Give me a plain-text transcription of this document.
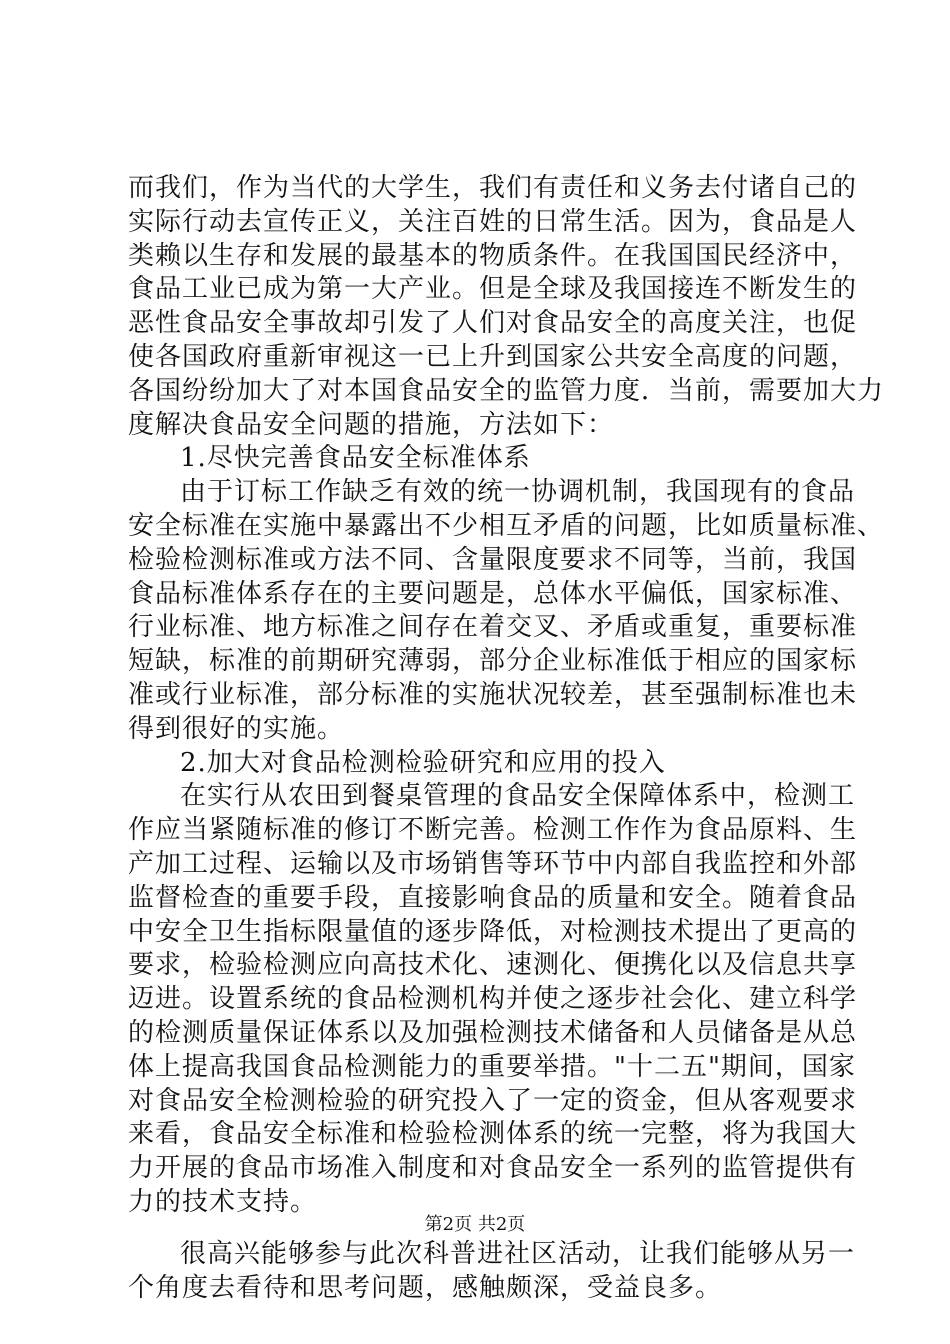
而我们，作为当代的大学生，我们有责任和义务去付诸自己的
实际行动去宣传正义，关注百姓的日常生活。因为，食品是人
类赖以生存和发展的最基本的物质条件。在我国国民经济中，
食品工业已成为第一大产业。但是全球及我国接连不断发生的
恶性食品安全事故却引发了人们对食品安全的高度关注，也促
使各国政府重新审视这一已上升到国家公共安全高度的问题，
各国纷纷加大了对本国食品安全的监管力度．当前，需要加大力
度解决食品安全问题的措施，方法如下：
1.尽快完善食品安全标准体系
由于订标工作缺乏有效的统一协调机制，我国现有的食品
安全标准在实施中暴露出不少相互矛盾的问题，比如质量标准、
检验检测标准或方法不同、含量限度要求不同等，当前，我国
食品标准体系存在的主要问题是，总体水平偏低，国家标准、
行业标准、地方标准之间存在着交叉、矛盾或重复，重要标准
短缺，标准的前期研究薄弱，部分企业标准低于相应的国家标
准或行业标准，部分标准的实施状况较差，甚至强制标准也未
得到很好的实施。
2.加大对食品检测检验研究和应用的投入
在实行从农田到餐桌管理的食品安全保障体系中，检测工
作应当紧随标准的修订不断完善。检测工作作为食品原料、生
产加工过程、运输以及市场销售等环节中内部自我监控和外部
监督检查的重要手段，直接影响食品的质量和安全。随着食品
中安全卫生指标限量值的逐步降低，对检测技术提出了更高的
要求，检验检测应向高技术化、速测化、便携化以及信息共享
迈进。设置系统的食品检测机构并使之逐步社会化、建立科学
的检测质量保证体系以及加强检测技术储备和人员储备是从总
体上提高我国食品检测能力的重要举措。"十二五"期间，国家
对食品安全检测检验的研究投入了一定的资金，但从客观要求
来看，食品安全标准和检验检测体系的统一完整，将为我国大
力开展的食品市场准入制度和对食品安全一系列的监管提供有
力的技术支持。
很高兴能够参与此次科普进社区活动，让我们能够从另一
个角度去看待和思考问题，感触颇深，受益良多。
第2页 共2页
